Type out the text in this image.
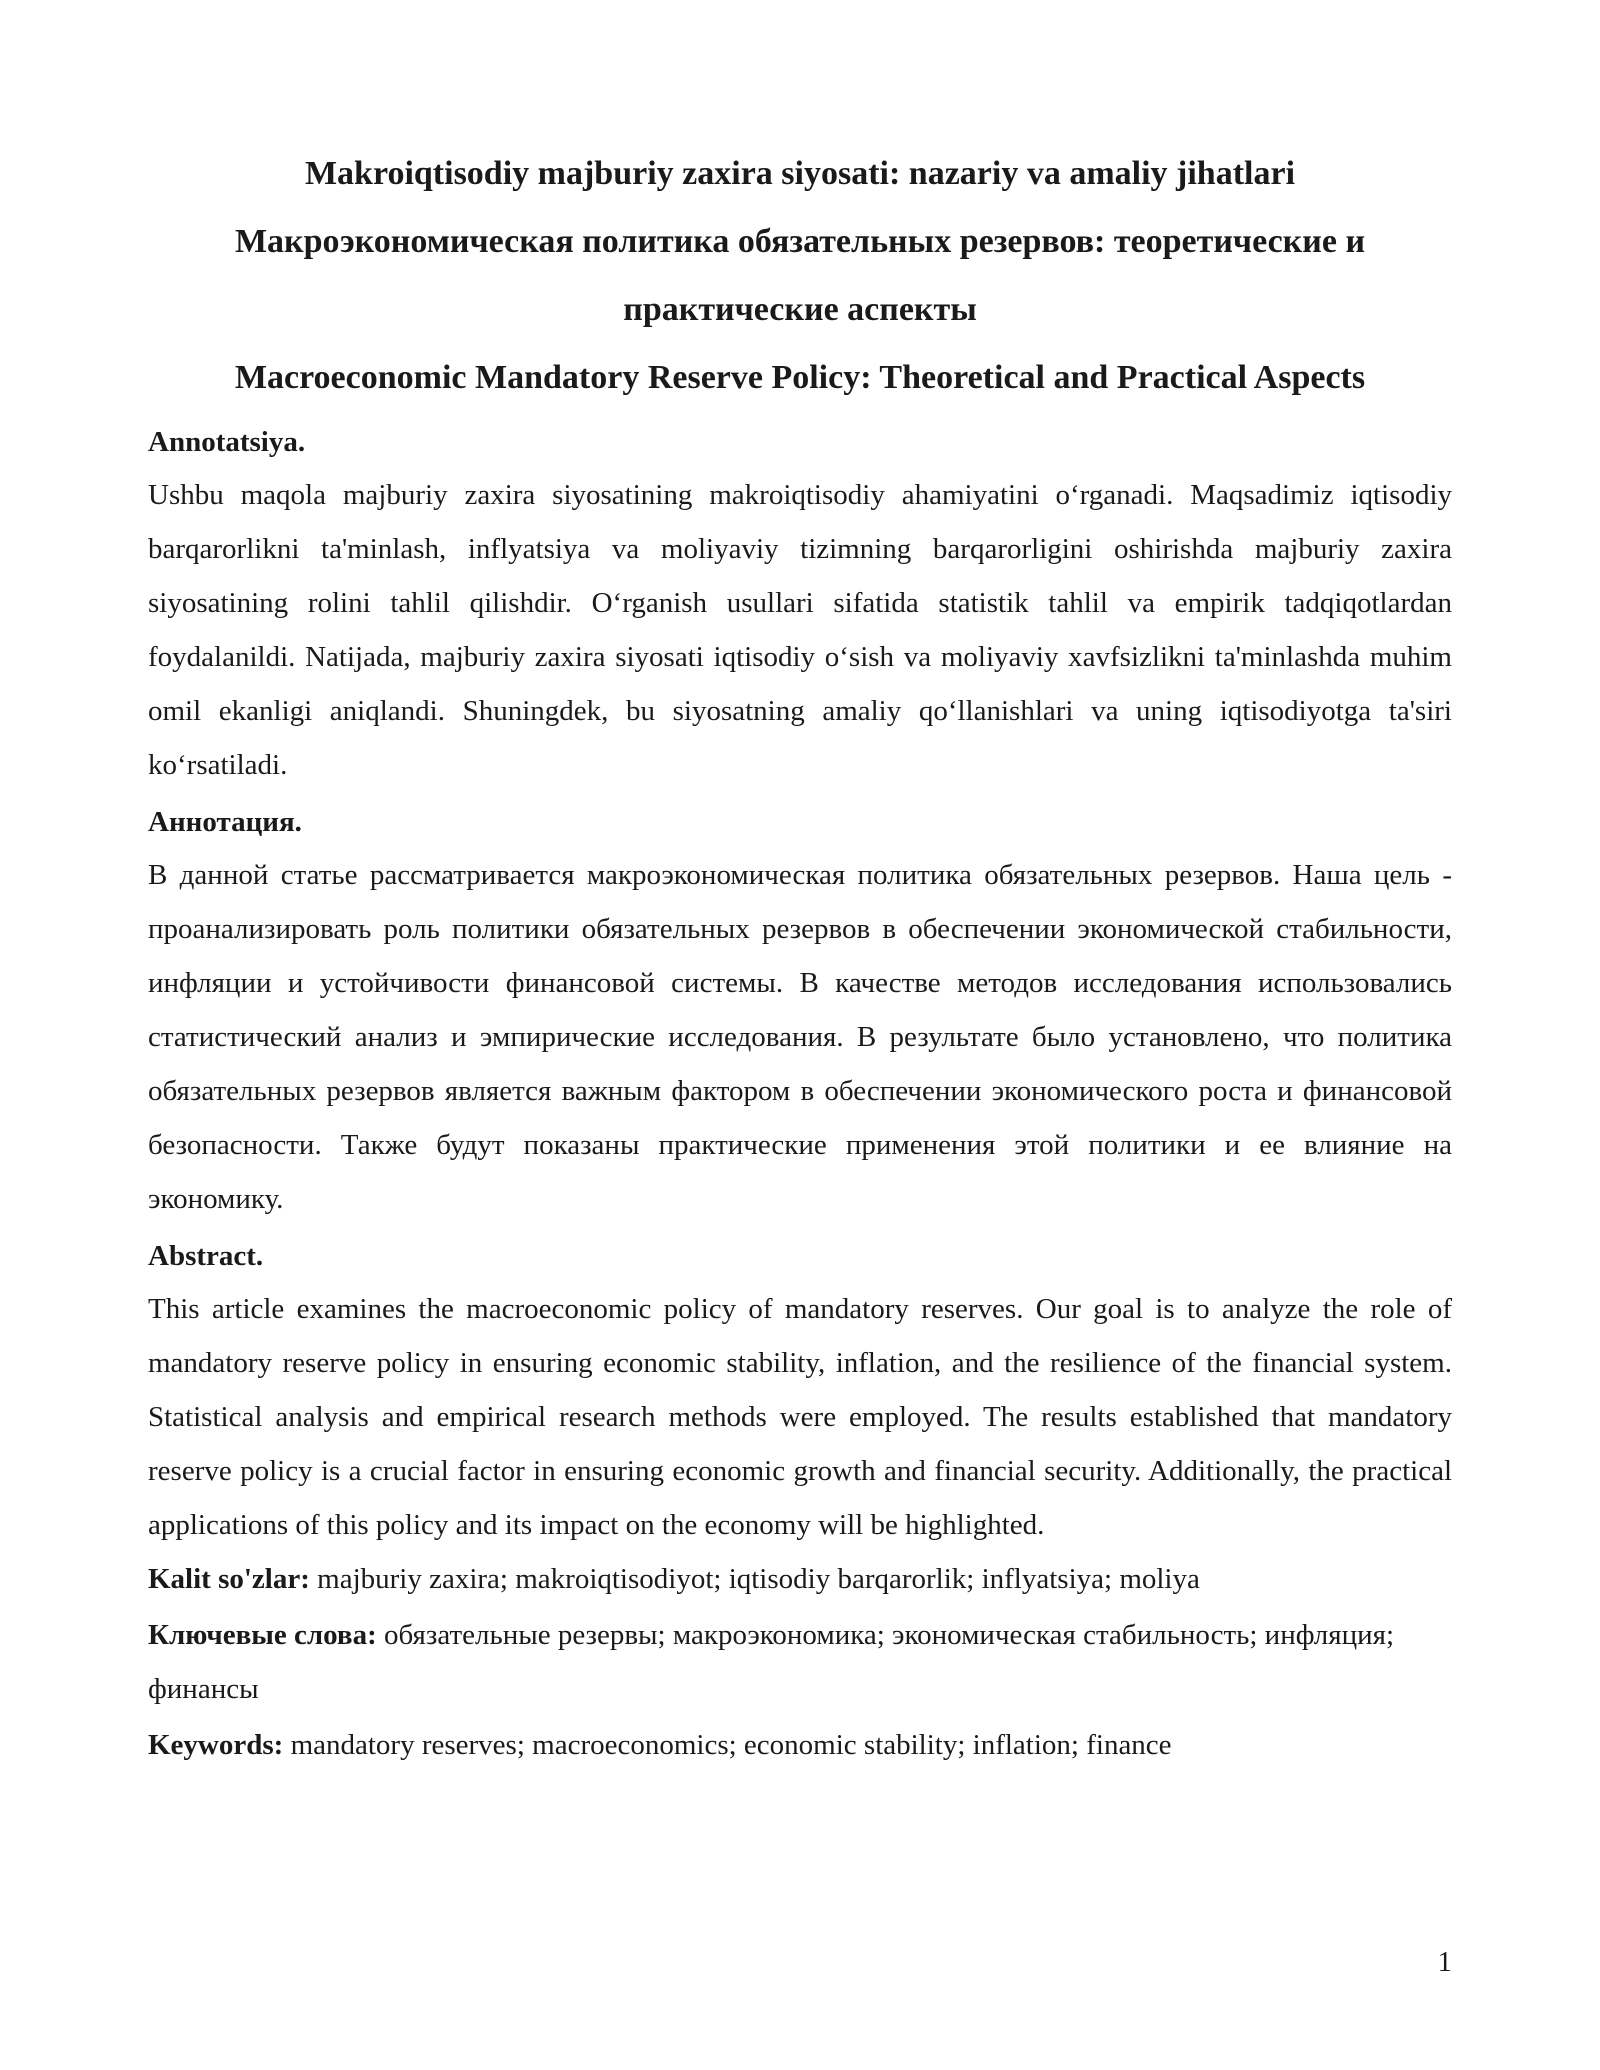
Makroiqtisodiy majburiy zaxira siyosati: nazariy va amaliy jihatlari
Макроэкономическая политика обязательных резервов: теоретические и практические аспекты
Macroeconomic Mandatory Reserve Policy: Theoretical and Practical Aspects
Annotatsiya.

Ushbu maqola majburiy zaxira siyosatining makroiqtisodiy ahamiyatini oʻrganadi. Maqsadimiz iqtisodiy barqarorlikni ta'minlash, inflyatsiya va moliyaviy tizimning barqarorligini oshirishda majburiy zaxira siyosatining rolini tahlil qilishdir. Oʻrganish usullari sifatida statistik tahlil va empirik tadqiqotlardan foydalanildi. Natijada, majburiy zaxira siyosati iqtisodiy oʻsish va moliyaviy xavfsizlikni ta'minlashda muhim omil ekanligi aniqlandi. Shuningdek, bu siyosatning amaliy qoʻllanishlari va uning iqtisodiyotga ta'siri koʻrsatiladi.

Аннотация.

В данной статье рассматривается макроэкономическая политика обязательных резервов. Наша цель - проанализировать роль политики обязательных резервов в обеспечении экономической стабильности, инфляции и устойчивости финансовой системы. В качестве методов исследования использовались статистический анализ и эмпирические исследования. В результате было установлено, что политика обязательных резервов является важным фактором в обеспечении экономического роста и финансовой безопасности. Также будут показаны практические применения этой политики и ее влияние на экономику.

Abstract.

This article examines the macroeconomic policy of mandatory reserves. Our goal is to analyze the role of mandatory reserve policy in ensuring economic stability, inflation, and the resilience of the financial system. Statistical analysis and empirical research methods were employed. The results established that mandatory reserve policy is a crucial factor in ensuring economic growth and financial security. Additionally, the practical applications of this policy and its impact on the economy will be highlighted.

Kalit so'zlar: majburiy zaxira; makroiqtisodiyot; iqtisodiy barqarorlik; inflyatsiya; moliya

Ключевые слова: обязательные резервы; макроэкономика; экономическая стабильность; инфляция; финансы

Keywords: mandatory reserves; macroeconomics; economic stability; inflation; finance

1
